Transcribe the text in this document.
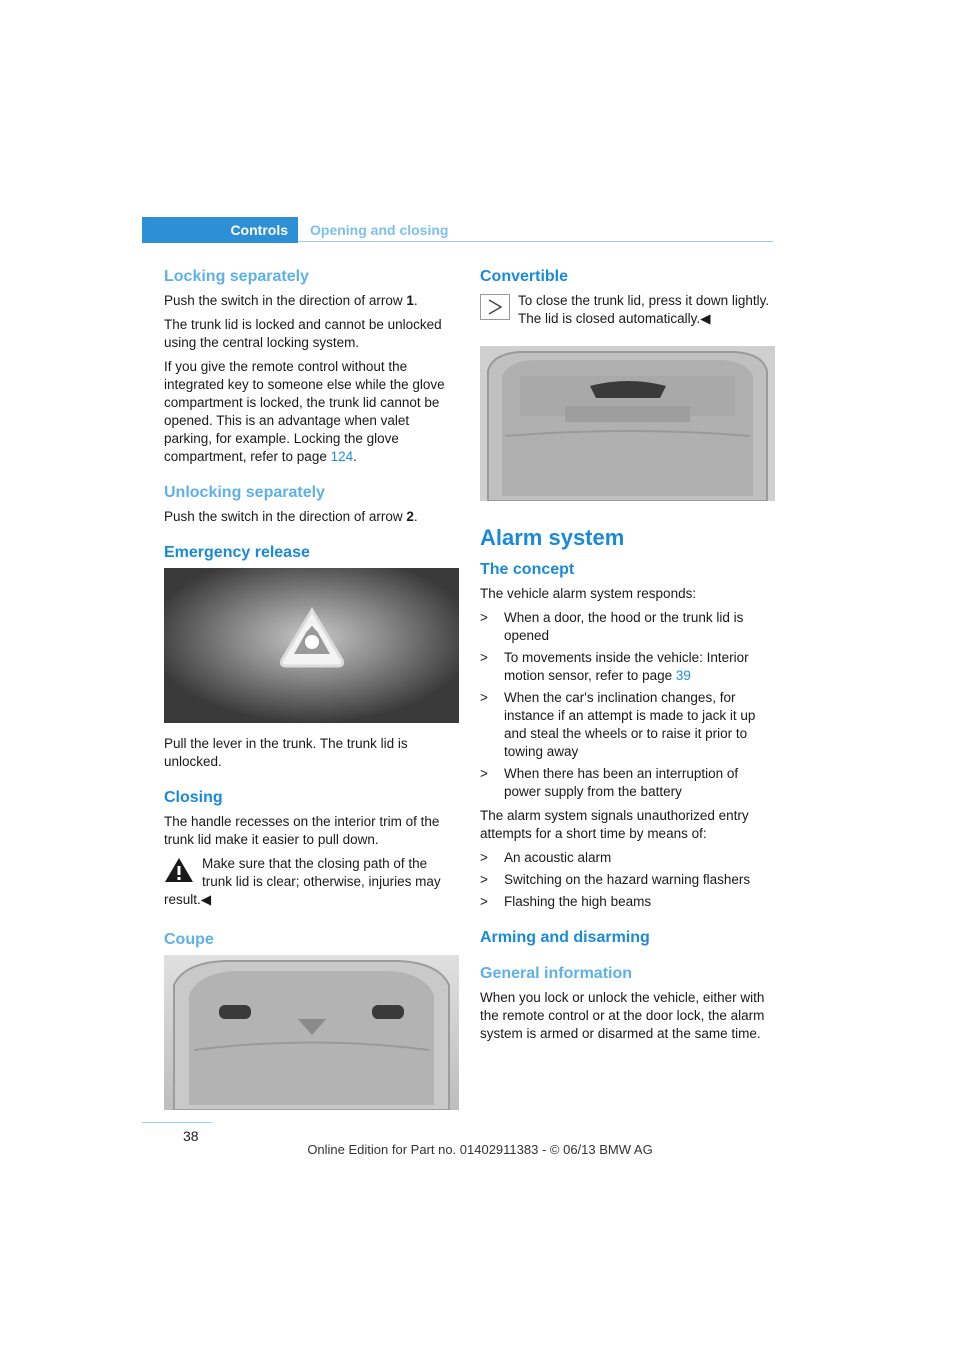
Controls	Opening and closing
Locking separately

Push the switch in the direction of arrow 1.

The trunk lid is locked and cannot be unlocked using the central locking system.

If you give the remote control without the integrated key to someone else while the glove compartment is locked, the trunk lid cannot be opened. This is an advantage when valet parking, for example. Locking the glove compartment, refer to page 124.

Unlocking separately

Push the switch in the direction of arrow 2.

Emergency release

Pull the lever in the trunk. The trunk lid is unlocked.

Closing

The handle recesses on the interior trim of the trunk lid make it easier to pull down.

Make sure that the closing path of the trunk lid is clear; otherwise, injuries may result.◀
Coupe
Convertible
To close the trunk lid, press it down lightly. The lid is closed automatically.◀
Alarm system
The concept

The vehicle alarm system responds:

> When a door, the hood or the trunk lid is opened
> To movements inside the vehicle: Interior motion sensor, refer to page 39
> When the car's inclination changes, for instance if an attempt is made to jack it up and steal the wheels or to raise it prior to towing away
> When there has been an interruption of power supply from the battery

The alarm system signals unauthorized entry attempts for a short time by means of:

> An acoustic alarm
> Switching on the hazard warning flashers
> Flashing the high beams
Arming and disarming
General information

When you lock or unlock the vehicle, either with the remote control or at the door lock, the alarm system is armed or disarmed at the same time.

38
Online Edition for Part no. 01402911383 - © 06/13 BMW AG
